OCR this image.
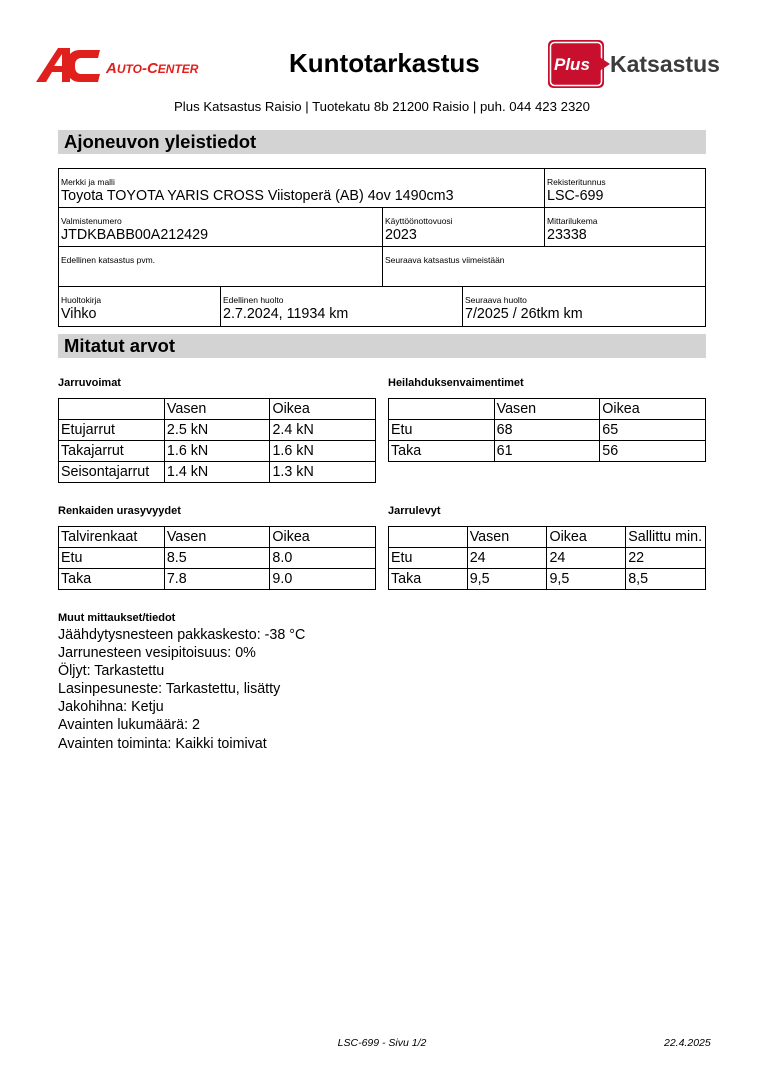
AUTO-CENTER	Kuntotarkastus	Plus Katsastus
Plus Katsastus Raisio | Tuotekatu 8b 21200 Raisio | puh. 044 423 2320
Ajoneuvon yleistiedot
Merkki ja malli
Toyota TOYOTA YARIS CROSS Viistoperä (AB) 4ov 1490cm3
Rekisteritunnus
LSC-699
Valmistenumero
JTDKBABB00A212429
Käyttöönottovuosi
2023
Mittarilukema
23338
Edellinen katsastus pvm.	Seuraava katsastus viimeistään
Huoltokirja
Vihko
Edellinen huolto
2.7.2024, 11934 km
Seuraava huolto
7/2025 / 26tkm km
Mitatut arvot
Jarruvoimat
	Vasen	Oikea
Etujarrut	2.5 kN	2.4 kN
Takajarrut	1.6 kN	1.6 kN
Seisontajarrut	1.4 kN	1.3 kN
Heilahduksenvaimentimet
	Vasen	Oikea
Etu	68	65
Taka	61	56
Renkaiden urasyvyydet
Talvirenkaat	Vasen	Oikea
Etu	8.5	8.0
Taka	7.8	9.0
Jarrulevyt
	Vasen	Oikea	Sallittu min.
Etu	24	24	22
Taka	9,5	9,5	8,5
Muut mittaukset/tiedot
Jäähdytysnesteen pakkaskesto: -38 °C
Jarrunesteen vesipitoisuus: 0%
Öljyt: Tarkastettu
Lasinpesuneste: Tarkastettu, lisätty
Jakohihna: Ketju
Avainten lukumäärä: 2
Avainten toiminta: Kaikki toimivat
LSC-699 - Sivu 1/2	22.4.2025
